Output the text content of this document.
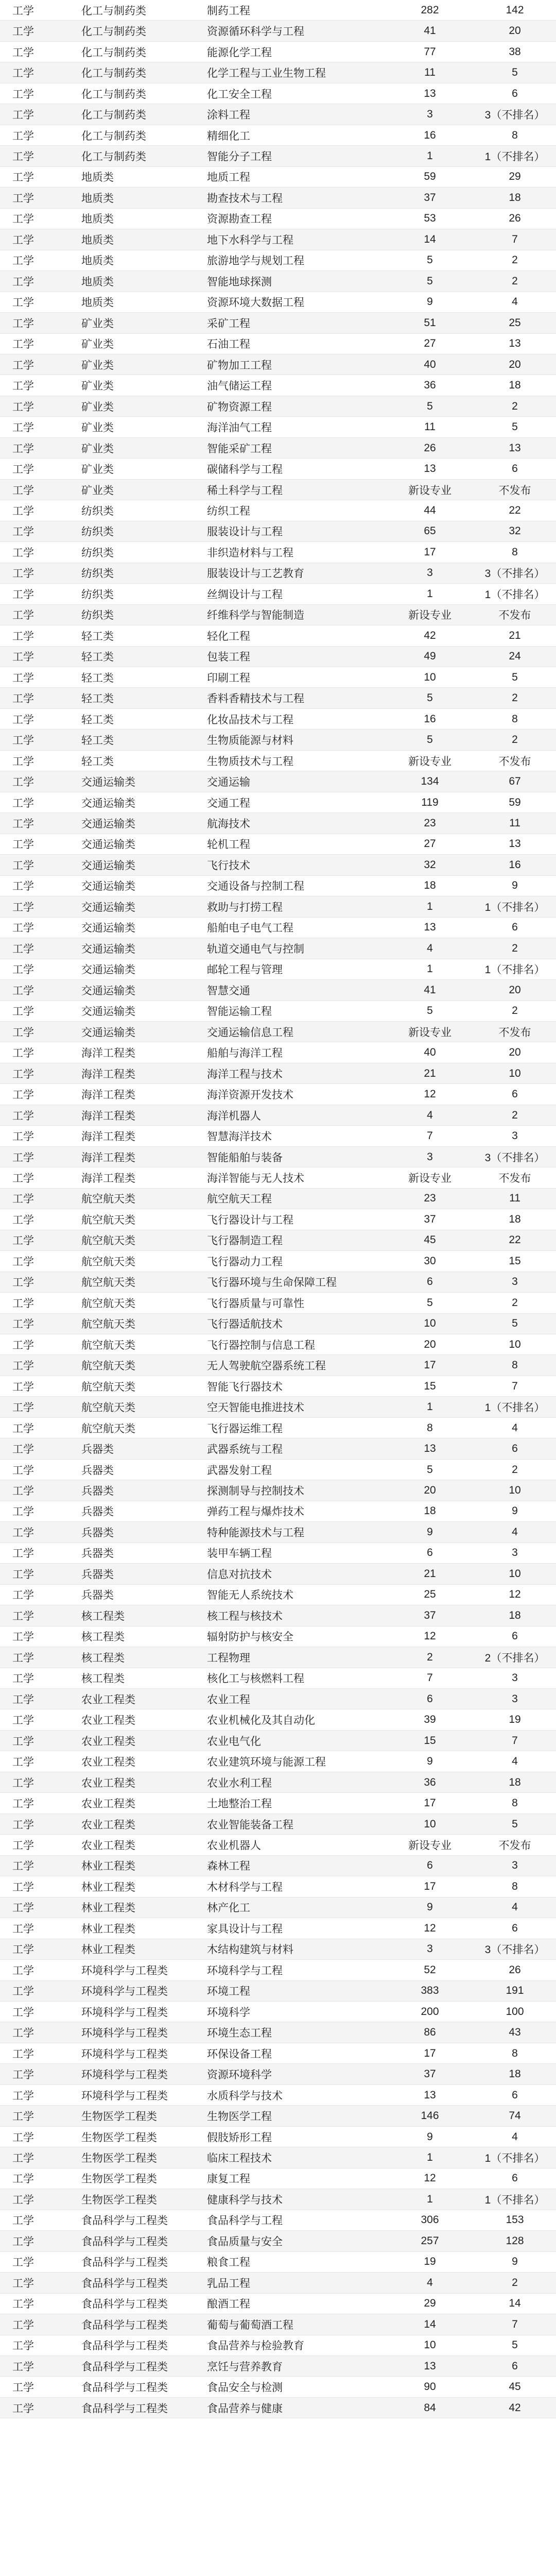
工学	化工与制药类	制药工程	282	142
工学	化工与制药类	资源循环科学与工程	41	20
工学	化工与制药类	能源化学工程	77	38
工学	化工与制药类	化学工程与工业生物工程	11	5
工学	化工与制药类	化工安全工程	13	6
工学	化工与制药类	涂料工程	3	3（不排名）
工学	化工与制药类	精细化工	16	8
工学	化工与制药类	智能分子工程	1	1（不排名）
工学	地质类	地质工程	59	29
工学	地质类	勘查技术与工程	37	18
工学	地质类	资源勘查工程	53	26
工学	地质类	地下水科学与工程	14	7
工学	地质类	旅游地学与规划工程	5	2
工学	地质类	智能地球探测	5	2
工学	地质类	资源环境大数据工程	9	4
工学	矿业类	采矿工程	51	25
工学	矿业类	石油工程	27	13
工学	矿业类	矿物加工工程	40	20
工学	矿业类	油气储运工程	36	18
工学	矿业类	矿物资源工程	5	2
工学	矿业类	海洋油气工程	11	5
工学	矿业类	智能采矿工程	26	13
工学	矿业类	碳储科学与工程	13	6
工学	矿业类	稀土科学与工程	新设专业	不发布
工学	纺织类	纺织工程	44	22
工学	纺织类	服装设计与工程	65	32
工学	纺织类	非织造材料与工程	17	8
工学	纺织类	服装设计与工艺教育	3	3（不排名）
工学	纺织类	丝绸设计与工程	1	1（不排名）
工学	纺织类	纤维科学与智能制造	新设专业	不发布
工学	轻工类	轻化工程	42	21
工学	轻工类	包装工程	49	24
工学	轻工类	印刷工程	10	5
工学	轻工类	香料香精技术与工程	5	2
工学	轻工类	化妆品技术与工程	16	8
工学	轻工类	生物质能源与材料	5	2
工学	轻工类	生物质技术与工程	新设专业	不发布
工学	交通运输类	交通运输	134	67
工学	交通运输类	交通工程	119	59
工学	交通运输类	航海技术	23	11
工学	交通运输类	轮机工程	27	13
工学	交通运输类	飞行技术	32	16
工学	交通运输类	交通设备与控制工程	18	9
工学	交通运输类	救助与打捞工程	1	1（不排名）
工学	交通运输类	船舶电子电气工程	13	6
工学	交通运输类	轨道交通电气与控制	4	2
工学	交通运输类	邮轮工程与管理	1	1（不排名）
工学	交通运输类	智慧交通	41	20
工学	交通运输类	智能运输工程	5	2
工学	交通运输类	交通运输信息工程	新设专业	不发布
工学	海洋工程类	船舶与海洋工程	40	20
工学	海洋工程类	海洋工程与技术	21	10
工学	海洋工程类	海洋资源开发技术	12	6
工学	海洋工程类	海洋机器人	4	2
工学	海洋工程类	智慧海洋技术	7	3
工学	海洋工程类	智能船舶与装备	3	3（不排名）
工学	海洋工程类	海洋智能与无人技术	新设专业	不发布
工学	航空航天类	航空航天工程	23	11
工学	航空航天类	飞行器设计与工程	37	18
工学	航空航天类	飞行器制造工程	45	22
工学	航空航天类	飞行器动力工程	30	15
工学	航空航天类	飞行器环境与生命保障工程	6	3
工学	航空航天类	飞行器质量与可靠性	5	2
工学	航空航天类	飞行器适航技术	10	5
工学	航空航天类	飞行器控制与信息工程	20	10
工学	航空航天类	无人驾驶航空器系统工程	17	8
工学	航空航天类	智能飞行器技术	15	7
工学	航空航天类	空天智能电推进技术	1	1（不排名）
工学	航空航天类	飞行器运维工程	8	4
工学	兵器类	武器系统与工程	13	6
工学	兵器类	武器发射工程	5	2
工学	兵器类	探测制导与控制技术	20	10
工学	兵器类	弹药工程与爆炸技术	18	9
工学	兵器类	特种能源技术与工程	9	4
工学	兵器类	装甲车辆工程	6	3
工学	兵器类	信息对抗技术	21	10
工学	兵器类	智能无人系统技术	25	12
工学	核工程类	核工程与核技术	37	18
工学	核工程类	辐射防护与核安全	12	6
工学	核工程类	工程物理	2	2（不排名）
工学	核工程类	核化工与核燃料工程	7	3
工学	农业工程类	农业工程	6	3
工学	农业工程类	农业机械化及其自动化	39	19
工学	农业工程类	农业电气化	15	7
工学	农业工程类	农业建筑环境与能源工程	9	4
工学	农业工程类	农业水利工程	36	18
工学	农业工程类	土地整治工程	17	8
工学	农业工程类	农业智能装备工程	10	5
工学	农业工程类	农业机器人	新设专业	不发布
工学	林业工程类	森林工程	6	3
工学	林业工程类	木材科学与工程	17	8
工学	林业工程类	林产化工	9	4
工学	林业工程类	家具设计与工程	12	6
工学	林业工程类	木结构建筑与材料	3	3（不排名）
工学	环境科学与工程类	环境科学与工程	52	26
工学	环境科学与工程类	环境工程	383	191
工学	环境科学与工程类	环境科学	200	100
工学	环境科学与工程类	环境生态工程	86	43
工学	环境科学与工程类	环保设备工程	17	8
工学	环境科学与工程类	资源环境科学	37	18
工学	环境科学与工程类	水质科学与技术	13	6
工学	生物医学工程类	生物医学工程	146	74
工学	生物医学工程类	假肢矫形工程	9	4
工学	生物医学工程类	临床工程技术	1	1（不排名）
工学	生物医学工程类	康复工程	12	6
工学	生物医学工程类	健康科学与技术	1	1（不排名）
工学	食品科学与工程类	食品科学与工程	306	153
工学	食品科学与工程类	食品质量与安全	257	128
工学	食品科学与工程类	粮食工程	19	9
工学	食品科学与工程类	乳品工程	4	2
工学	食品科学与工程类	酿酒工程	29	14
工学	食品科学与工程类	葡萄与葡萄酒工程	14	7
工学	食品科学与工程类	食品营养与检验教育	10	5
工学	食品科学与工程类	烹饪与营养教育	13	6
工学	食品科学与工程类	食品安全与检测	90	45
工学	食品科学与工程类	食品营养与健康	84	42
